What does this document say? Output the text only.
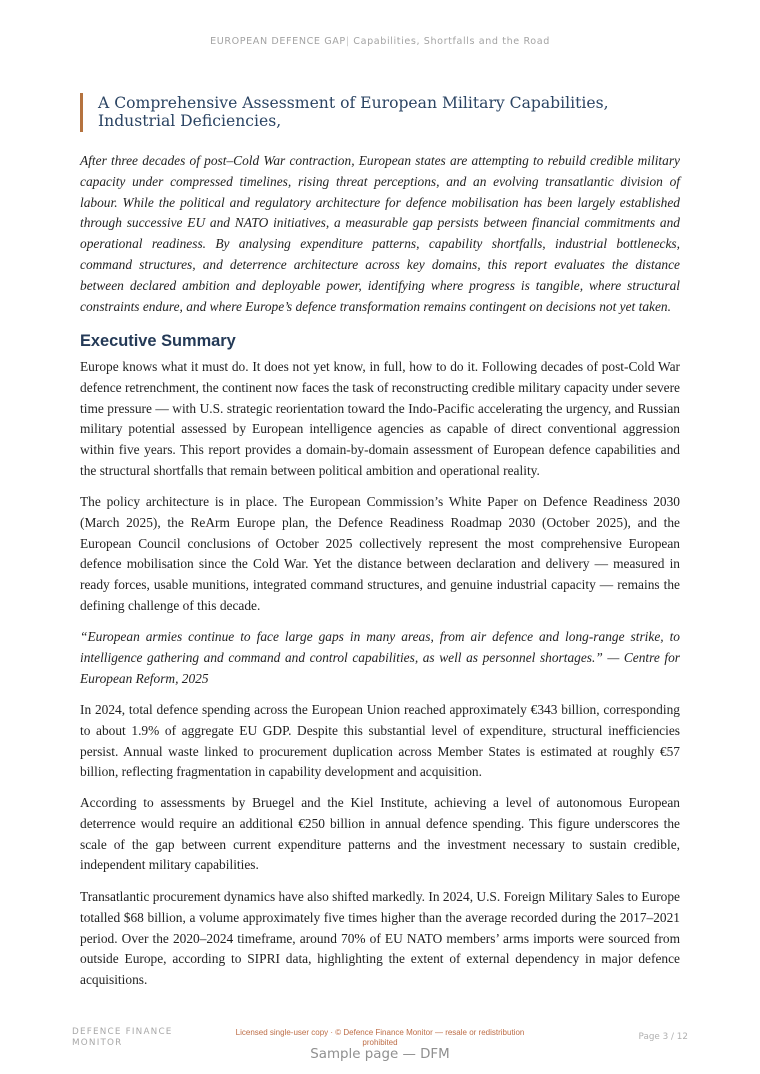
EUROPEAN DEFENCE GAP| Capabilities, Shortfalls and the Road
A Comprehensive Assessment of European Military Capabilities, Industrial Deficiencies,

After three decades of post–Cold War contraction, European states are attempting to rebuild credible military capacity under compressed timelines, rising threat perceptions, and an evolving transatlantic division of labour. While the political and regulatory architecture for defence mobilisation has been largely established through successive EU and NATO initiatives, a measurable gap persists between financial commitments and operational readiness. By analysing expenditure patterns, capability shortfalls, industrial bottlenecks, command structures, and deterrence architecture across key domains, this report evaluates the distance between declared ambition and deployable power, identifying where progress is tangible, where structural constraints endure, and where Europe’s defence transformation remains contingent on decisions not yet taken.

Executive Summary

Europe knows what it must do. It does not yet know, in full, how to do it. Following decades of post-Cold War defence retrenchment, the continent now faces the task of reconstructing credible military capacity under severe time pressure — with U.S. strategic reorientation toward the Indo-Pacific accelerating the urgency, and Russian military potential assessed by European intelligence agencies as capable of direct conventional aggression within five years. This report provides a domain-by-domain assessment of European defence capabilities and the structural shortfalls that remain between political ambition and operational reality.

The policy architecture is in place. The European Commission’s White Paper on Defence Readiness 2030 (March 2025), the ReArm Europe plan, the Defence Readiness Roadmap 2030 (October 2025), and the European Council conclusions of October 2025 collectively represent the most comprehensive European defence mobilisation since the Cold War. Yet the distance between declaration and delivery — measured in ready forces, usable munitions, integrated command structures, and genuine industrial capacity — remains the defining challenge of this decade.

“European armies continue to face large gaps in many areas, from air defence and long-range strike, to intelligence gathering and command and control capabilities, as well as personnel shortages.” — Centre for European Reform, 2025

In 2024, total defence spending across the European Union reached approximately €343 billion, corresponding to about 1.9% of aggregate EU GDP. Despite this substantial level of expenditure, structural inefficiencies persist. Annual waste linked to procurement duplication across Member States is estimated at roughly €57 billion, reflecting fragmentation in capability development and acquisition.

According to assessments by Bruegel and the Kiel Institute, achieving a level of autonomous European deterrence would require an additional €250 billion in annual defence spending. This figure underscores the scale of the gap between current expenditure patterns and the investment necessary to sustain credible, independent military capabilities.

Transatlantic procurement dynamics have also shifted markedly. In 2024, U.S. Foreign Military Sales to Europe totalled $68 billion, a volume approximately five times higher than the average recorded during the 2017–2021 period. Over the 2020–2024 timeframe, around 70% of EU NATO members’ arms imports were sourced from outside Europe, according to SIPRI data, highlighting the extent of external dependency in major defence acquisitions.

DEFENCE FINANCE MONITOR
Licensed single-user copy · © Defence Finance Monitor — resale or redistribution prohibited
Page 3 / 12
Sample page — DFM
